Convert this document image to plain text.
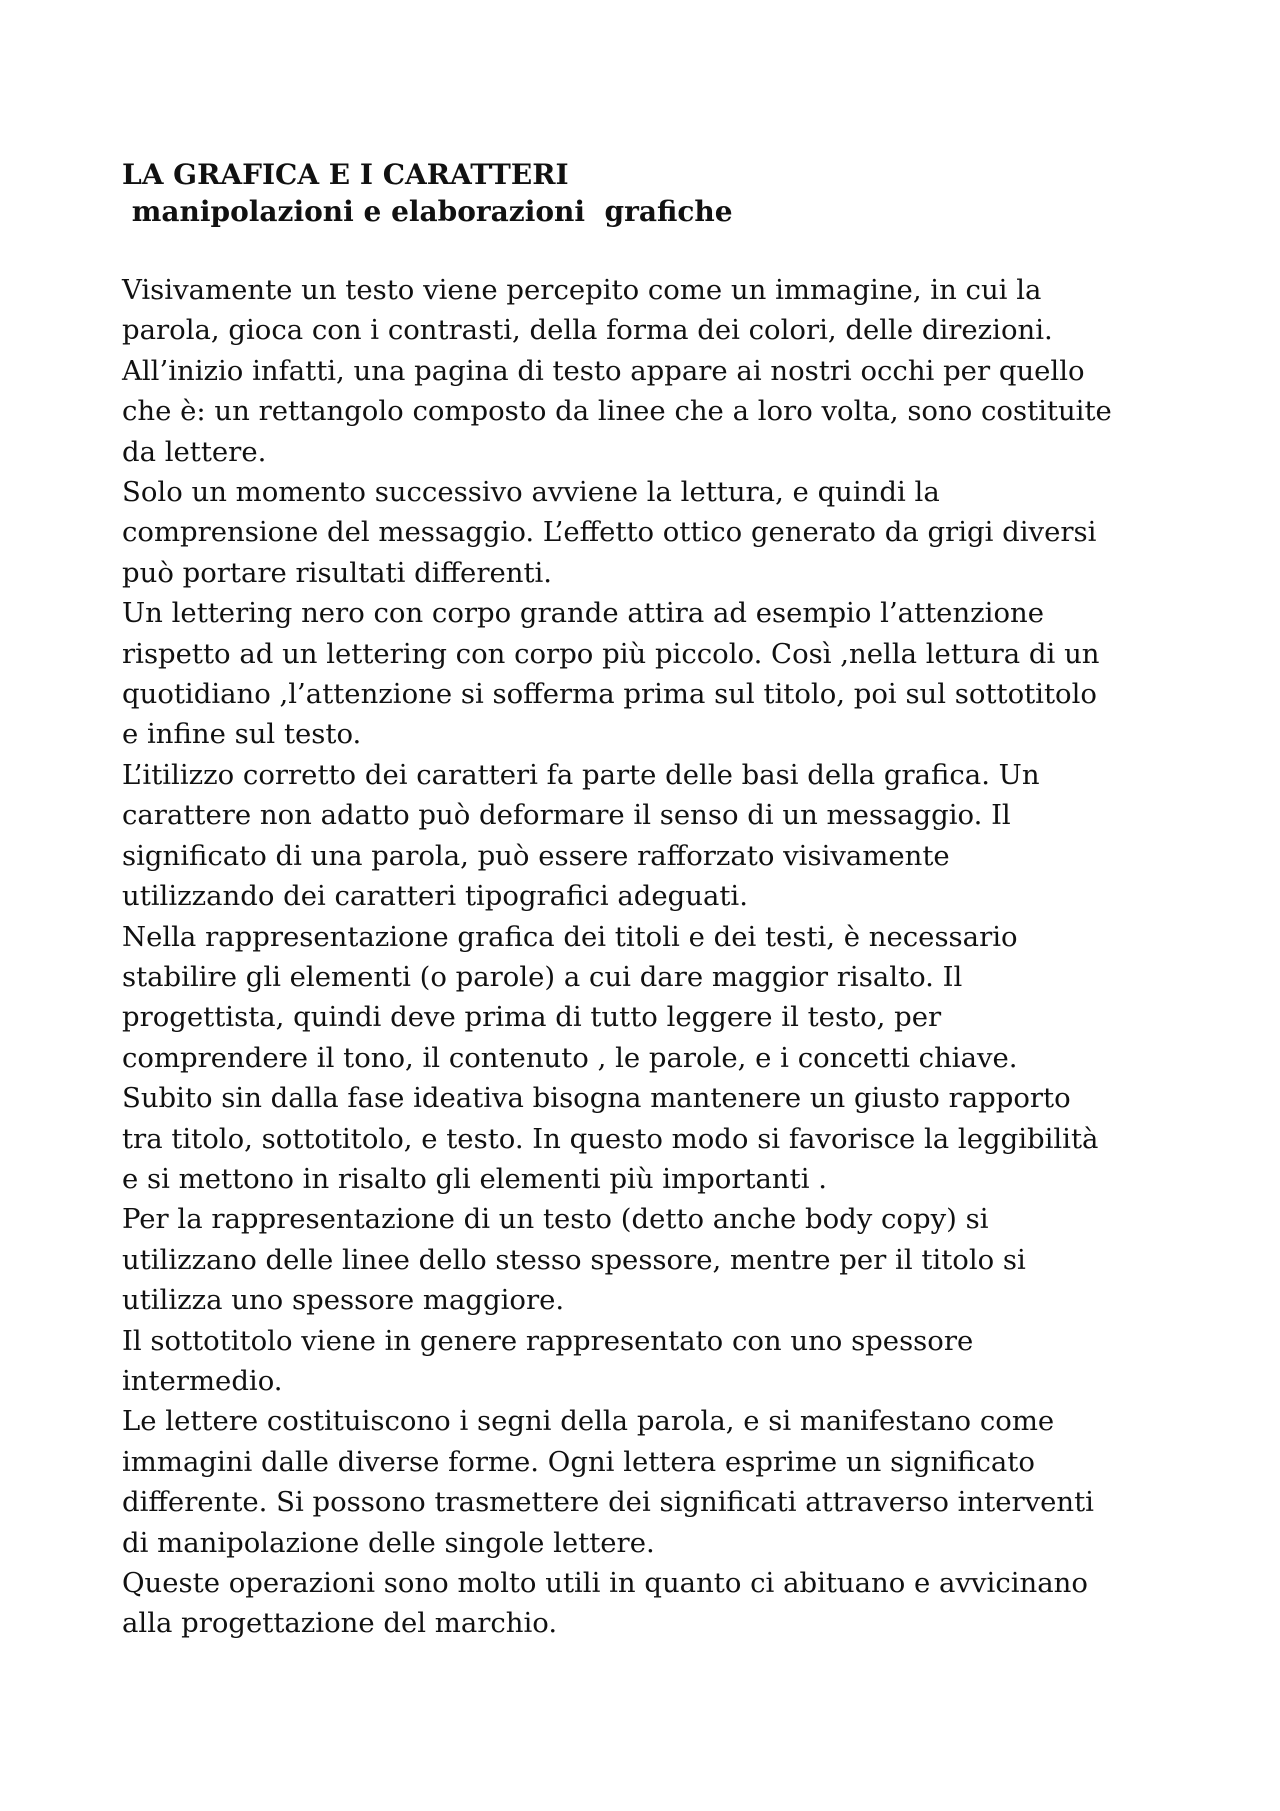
LA GRAFICA E I CARATTERI
manipolazioni e elaborazioni  grafiche
Visivamente un testo viene percepito come un immagine, in cui la
parola, gioca con i contrasti, della forma dei colori, delle direzioni.
All’inizio infatti, una pagina di testo appare ai nostri occhi per quello
che è: un rettangolo composto da linee che a loro volta, sono costituite
da lettere.
Solo un momento successivo avviene la lettura, e quindi la
comprensione del messaggio. L’effetto ottico generato da grigi diversi
può portare risultati differenti.
Un lettering nero con corpo grande attira ad esempio l’attenzione
rispetto ad un lettering con corpo più piccolo. Così ,nella lettura di un
quotidiano ,l’attenzione si sofferma prima sul titolo, poi sul sottotitolo
e infine sul testo.
L’itilizzo corretto dei caratteri fa parte delle basi della grafica. Un
carattere non adatto può deformare il senso di un messaggio. Il
significato di una parola, può essere rafforzato visivamente
utilizzando dei caratteri tipografici adeguati.
Nella rappresentazione grafica dei titoli e dei testi, è necessario
stabilire gli elementi (o parole) a cui dare maggior risalto. Il
progettista, quindi deve prima di tutto leggere il testo, per
comprendere il tono, il contenuto , le parole, e i concetti chiave.
Subito sin dalla fase ideativa bisogna mantenere un giusto rapporto
tra titolo, sottotitolo, e testo. In questo modo si favorisce la leggibilità
e si mettono in risalto gli elementi più importanti .
Per la rappresentazione di un testo (detto anche body copy) si
utilizzano delle linee dello stesso spessore, mentre per il titolo si
utilizza uno spessore maggiore.
Il sottotitolo viene in genere rappresentato con uno spessore
intermedio.
Le lettere costituiscono i segni della parola, e si manifestano come
immagini dalle diverse forme. Ogni lettera esprime un significato
differente. Si possono trasmettere dei significati attraverso interventi
di manipolazione delle singole lettere.
Queste operazioni sono molto utili in quanto ci abituano e avvicinano
alla progettazione del marchio.
